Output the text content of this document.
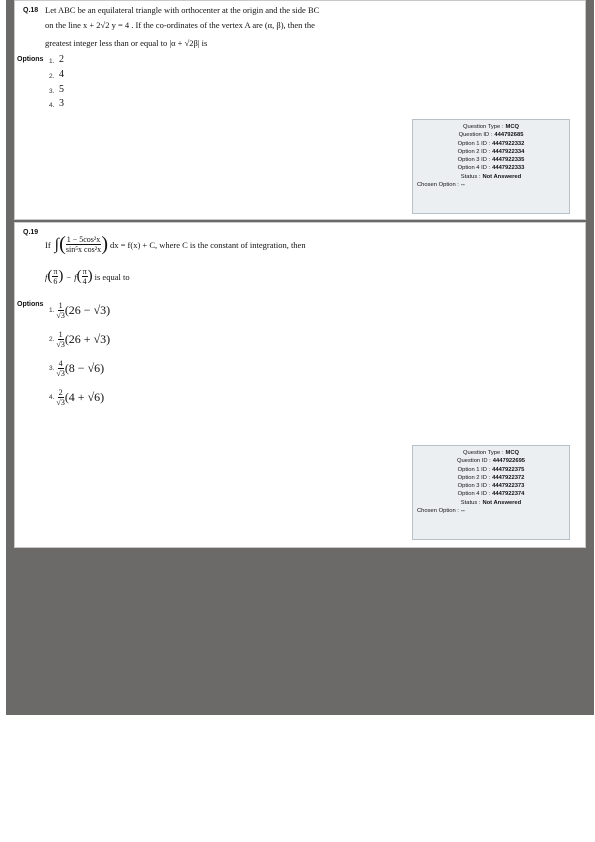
Q.18 Let ABC be an equilateral triangle with orthocenter at the origin and the side BC
on the line x + 2√2 y = 4 . If the co-ordinates of the vertex A are (α, β), then the
greatest integer less than or equal to |α + √2β| is
Options 1. 2
2. 4
3. 5
4. 3
Question Type : MCQ
Question ID : 444792685
Option 1 ID : 4447922332
Option 2 ID : 4447922334
Option 3 ID : 4447922335
Option 4 ID : 4447922333
Status : Not Answered
Chosen Option : --
Q.19
If ∫ ( $\frac{\text{1 − 5cos²x}}{\text{sin⁵x cos²x}}$ ) dx = f(x) + C, where C is the constant of integration, then
f ( $\frac{\pi}{6}$ ) − f ( $\frac{\pi}{4}$ ) is equal to
Options
1. $\frac{1}{√3} (26 - √3)$
2. $\frac{1}{√3} (26 + √3)$
3. $\frac{4}{√3} (8 - √6)$
4. $\frac{2}{√3} (4 + √6)$
Question Type : MCQ
Question ID : 4447922695
Option 1 ID : 4447922375
Option 2 ID : 4447922372
Option 3 ID : 4447922373
Option 4 ID : 4447922374
Status : Not Answered
Chosen Option : --
